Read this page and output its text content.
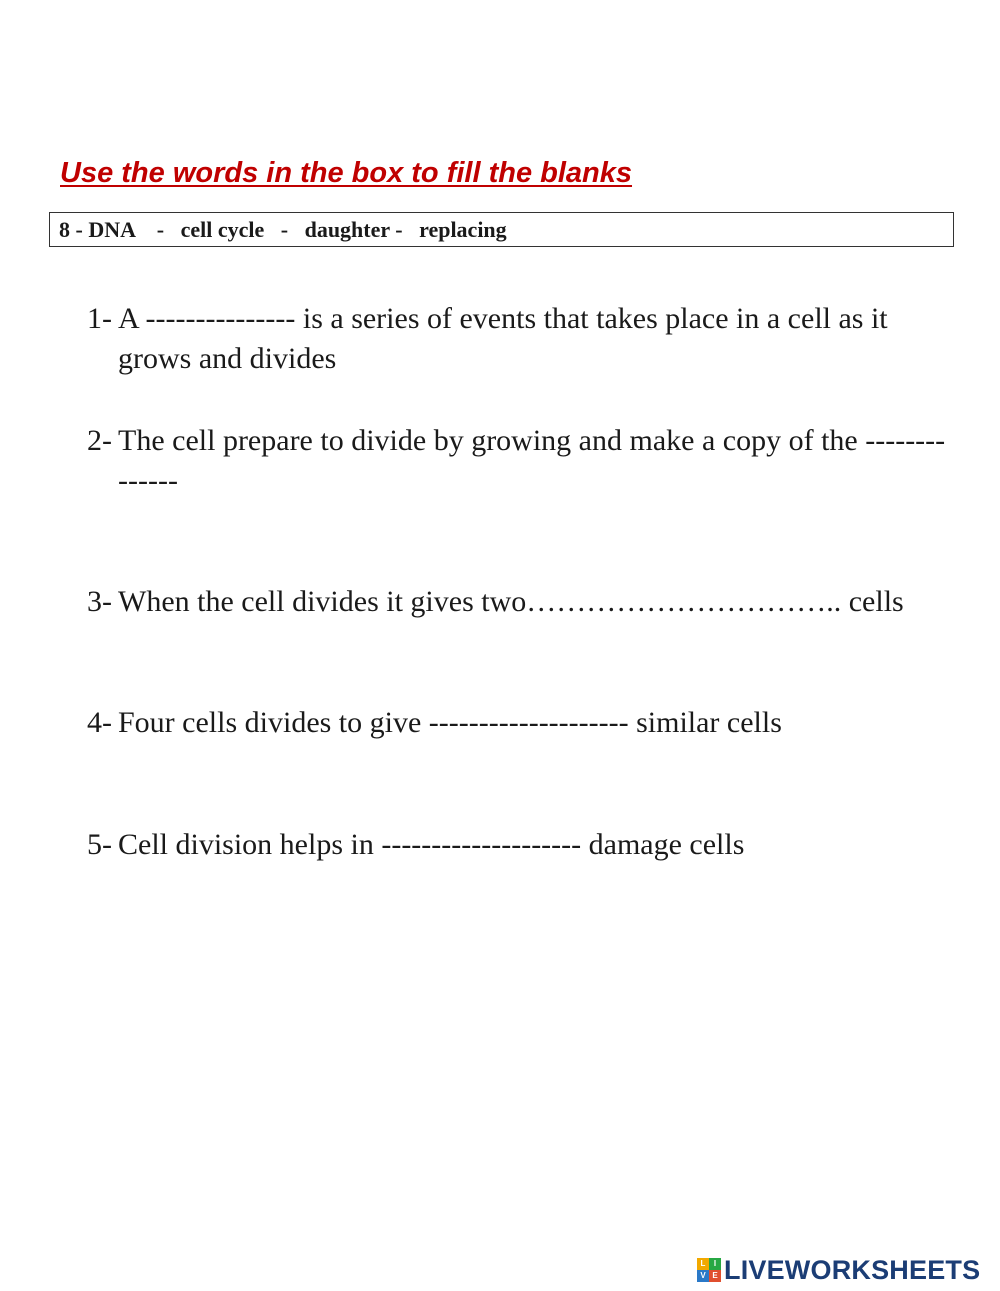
Use the words in the box to fill the blanks
8 - DNA    -   cell cycle   -   daughter -   replacing
1- A --------------- is a series of events that takes place in a cell as it grows and divides
2- The cell prepare to divide by growing and make a copy of the --------------
3- When the cell divides it gives two………………………….. cells
4- Four cells divides to give -------------------- similar cells
5- Cell division helps in -------------------- damage cells
L	I
V E LIVEWORKSHEETS
